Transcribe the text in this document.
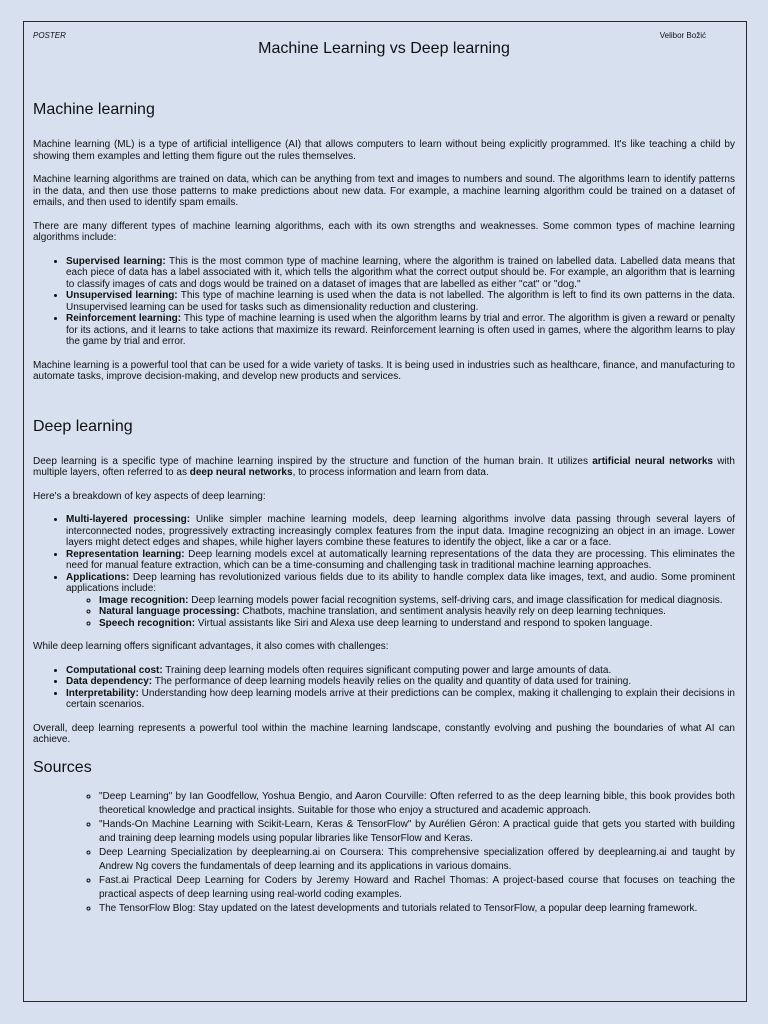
POSTER	Velibor Božić
Machine Learning vs Deep learning
Machine learning

Machine learning (ML) is a type of artificial intelligence (AI) that allows computers to learn without being explicitly programmed. It's like teaching a child by showing them examples and letting them figure out the rules themselves.

Machine learning algorithms are trained on data, which can be anything from text and images to numbers and sound. The algorithms learn to identify patterns in the data, and then use those patterns to make predictions about new data. For example, a machine learning algorithm could be trained on a dataset of emails, and then used to identify spam emails.

There are many different types of machine learning algorithms, each with its own strengths and weaknesses. Some common types of machine learning algorithms include:

• Supervised learning: This is the most common type of machine learning, where the algorithm is trained on labelled data. Labelled data means that each piece of data has a label associated with it, which tells the algorithm what the correct output should be. For example, an algorithm that is learning to classify images of cats and dogs would be trained on a dataset of images that are labelled as either "cat" or "dog."
• Unsupervised learning: This type of machine learning is used when the data is not labelled. The algorithm is left to find its own patterns in the data. Unsupervised learning can be used for tasks such as dimensionality reduction and clustering.
• Reinforcement learning: This type of machine learning is used when the algorithm learns by trial and error. The algorithm is given a reward or penalty for its actions, and it learns to take actions that maximize its reward. Reinforcement learning is often used in games, where the algorithm learns to play the game by trial and error.

Machine learning is a powerful tool that can be used for a wide variety of tasks. It is being used in industries such as healthcare, finance, and manufacturing to automate tasks, improve decision-making, and develop new products and services.

Deep learning

Deep learning is a specific type of machine learning inspired by the structure and function of the human brain. It utilizes artificial neural networks with multiple layers, often referred to as deep neural networks, to process information and learn from data.

Here's a breakdown of key aspects of deep learning:

• Multi-layered processing: Unlike simpler machine learning models, deep learning algorithms involve data passing through several layers of interconnected nodes, progressively extracting increasingly complex features from the input data. Imagine recognizing an object in an image. Lower layers might detect edges and shapes, while higher layers combine these features to identify the object, like a car or a face.
• Representation learning: Deep learning models excel at automatically learning representations of the data they are processing. This eliminates the need for manual feature extraction, which can be a time-consuming and challenging task in traditional machine learning approaches.
• Applications: Deep learning has revolutionized various fields due to its ability to handle complex data like images, text, and audio. Some prominent applications include:
◦ Image recognition: Deep learning models power facial recognition systems, self-driving cars, and image classification for medical diagnosis.
◦ Natural language processing: Chatbots, machine translation, and sentiment analysis heavily rely on deep learning techniques.
◦ Speech recognition: Virtual assistants like Siri and Alexa use deep learning to understand and respond to spoken language.

While deep learning offers significant advantages, it also comes with challenges:

• Computational cost: Training deep learning models often requires significant computing power and large amounts of data.
• Data dependency: The performance of deep learning models heavily relies on the quality and quantity of data used for training.
• Interpretability: Understanding how deep learning models arrive at their predictions can be complex, making it challenging to explain their decisions in certain scenarios.

Overall, deep learning represents a powerful tool within the machine learning landscape, constantly evolving and pushing the boundaries of what AI can achieve.

Sources
◦ "Deep Learning" by Ian Goodfellow, Yoshua Bengio, and Aaron Courville: Often referred to as the deep learning bible, this book provides both theoretical knowledge and practical insights. Suitable for those who enjoy a structured and academic approach.
◦ "Hands-On Machine Learning with Scikit-Learn, Keras & TensorFlow" by Aurélien Géron: A practical guide that gets you started with building and training deep learning models using popular libraries like TensorFlow and Keras.
◦ Deep Learning Specialization by deeplearning.ai on Coursera: This comprehensive specialization offered by deeplearning.ai and taught by Andrew Ng covers the fundamentals of deep learning and its applications in various domains.
◦ Fast.ai Practical Deep Learning for Coders by Jeremy Howard and Rachel Thomas: A project-based course that focuses on teaching the practical aspects of deep learning using real-world coding examples.
◦ The TensorFlow Blog: Stay updated on the latest developments and tutorials related to TensorFlow, a popular deep learning framework.
